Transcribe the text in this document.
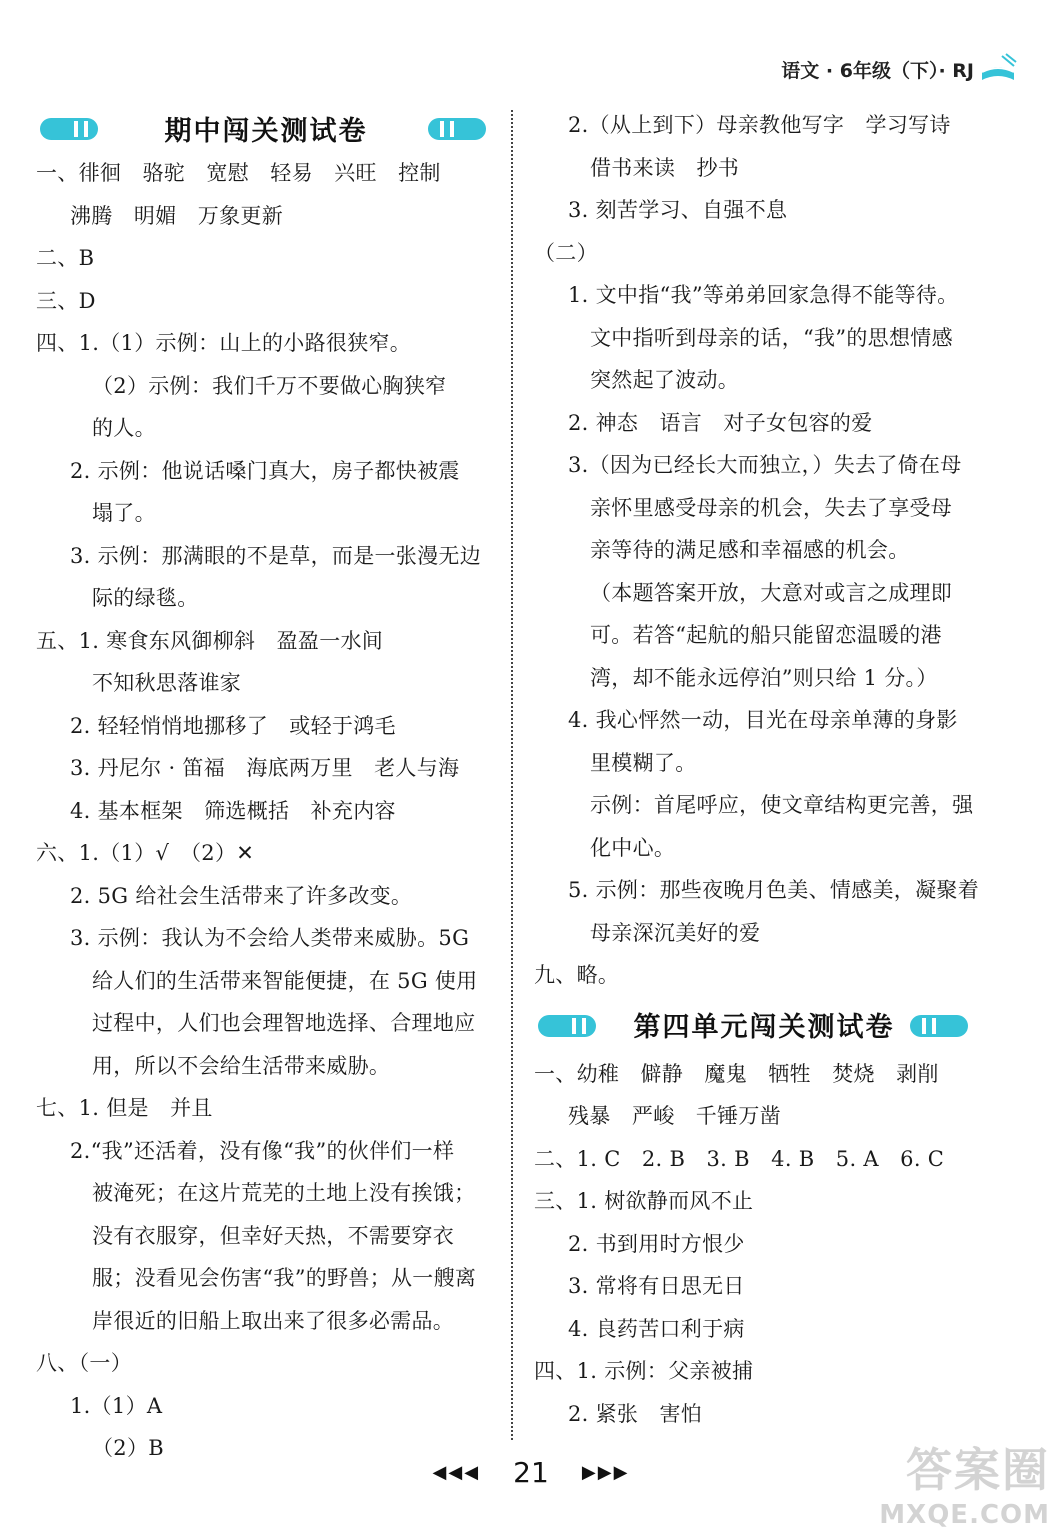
语文 · 6年级（下）· RJ
期中闯关测试卷
一、徘徊　骆驼　宽慰　轻易　兴旺　控制
沸腾　明媚　万象更新
二、B
三、D
四、1.（1）示例：山上的小路很狭窄。
（2）示例：我们千万不要做心胸狭窄
的人。
2. 示例：他说话嗓门真大，房子都快被震
塌了。
3. 示例：那满眼的不是草，而是一张漫无边
际的绿毯。
五、1. 寒食东风御柳斜　盈盈一水间
不知秋思落谁家
2. 轻轻悄悄地挪移了　或轻于鸿毛
3. 丹尼尔 · 笛福　海底两万里　老人与海
4. 基本框架　筛选概括　补充内容
六、1.（1）√　（2）✕
2. 5G 给社会生活带来了许多改变。
3. 示例：我认为不会给人类带来威胁。5G
给人们的生活带来智能便捷，在 5G 使用
过程中，人们也会理智地选择、合理地应
用，所以不会给生活带来威胁。
七、1. 但是　并且
2.“我”还活着，没有像“我”的伙伴们一样
被淹死；在这片荒芜的土地上没有挨饿；
没有衣服穿，但幸好天热，不需要穿衣
服；没看见会伤害“我”的野兽；从一艘离
岸很近的旧船上取出来了很多必需品。
八、（一）
1.（1）A
（2）B
2.（从上到下）母亲教他写字　学习写诗
借书来读　抄书
3. 刻苦学习、自强不息
（二）
1. 文中指“我”等弟弟回家急得不能等待。
文中指听到母亲的话，“我”的思想情感
突然起了波动。
2. 神态　语言　对子女包容的爱
3.（因为已经长大而独立，）失去了倚在母
亲怀里感受母亲的机会，失去了享受母
亲等待的满足感和幸福感的机会。
（本题答案开放，大意对或言之成理即
可。若答“起航的船只能留恋温暖的港
湾，却不能永远停泊”则只给 1 分。）
4. 我心怦然一动，目光在母亲单薄的身影
里模糊了。
示例：首尾呼应，使文章结构更完善，强
化中心。
5. 示例：那些夜晚月色美、情感美，凝聚着
母亲深沉美好的爱
九、略。
第四单元闯关测试卷
一、幼稚　僻静　魔鬼　牺牲　焚烧　剥削
残暴　严峻　千锤万凿
二、1. C　2. B　3. B　4. B　5. A　6. C
三、1. 树欲静而风不止
2. 书到用时方恨少
3. 常将有日思无日
4. 良药苦口利于病
四、1. 示例：父亲被捕
2. 紧张　害怕
◀◀◀ 21 ▶▶▶	答案圈
MXQE.COM
